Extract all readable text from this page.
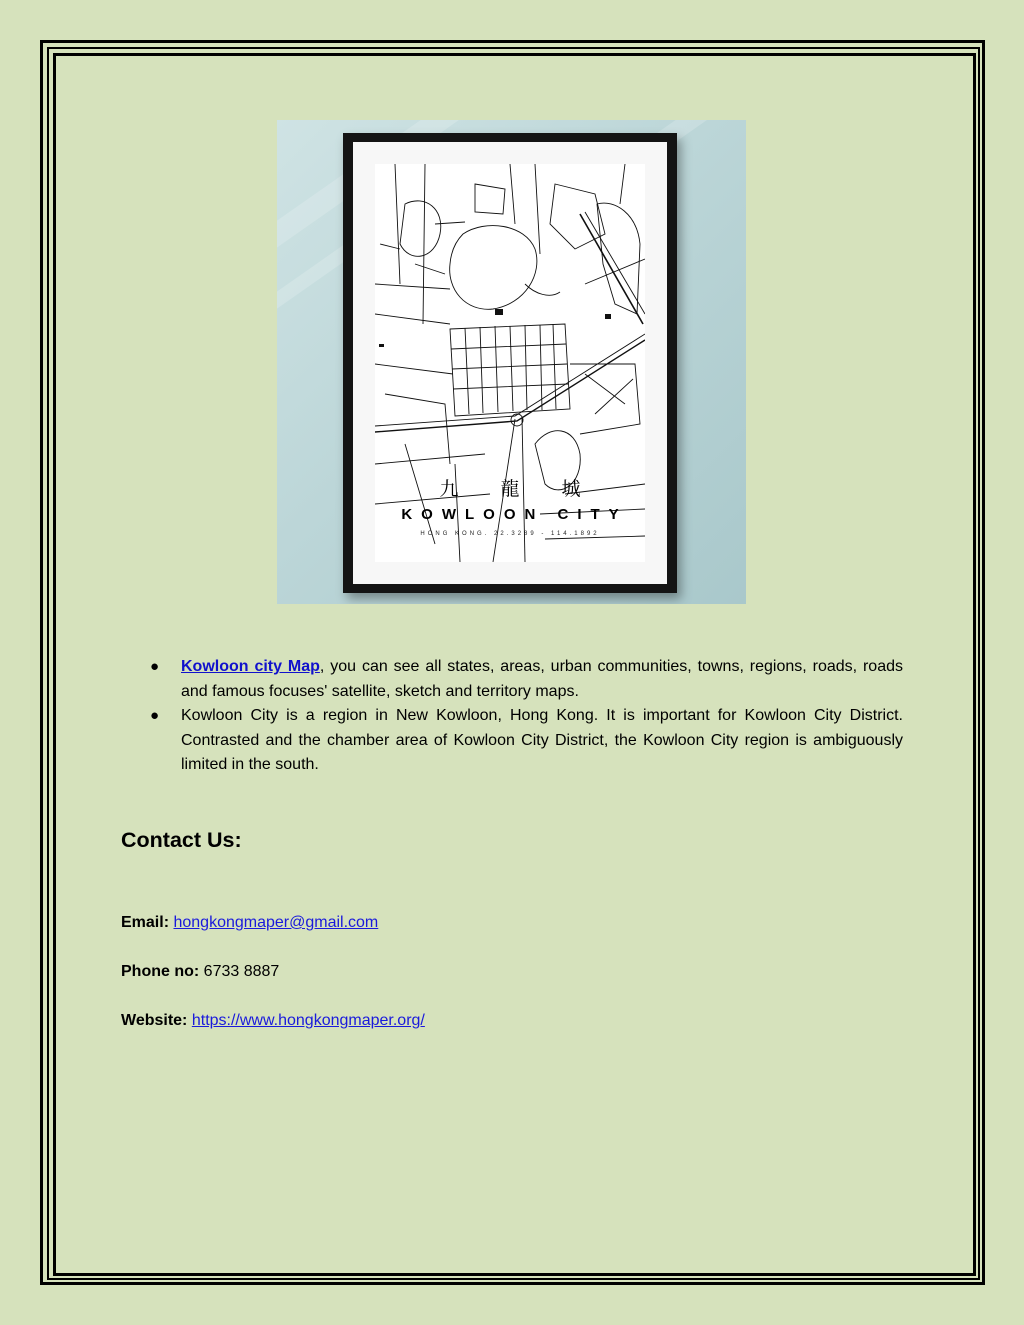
九 龍 城
KOWLOON CITY
HONG KONG. 22.3289 - 114.1892
● Kowloon city Map, you can see all states, areas, urban communities, towns, regions, roads, roads and famous focuses' satellite, sketch and territory maps.
● Kowloon City is a region in New Kowloon, Hong Kong. It is important for Kowloon City District. Contrasted and the chamber area of Kowloon City District, the Kowloon City region is ambiguously limited in the south.
Contact Us:
Email: hongkongmaper@gmail.com
Phone no: 6733 8887
Website: https://www.hongkongmaper.org/
